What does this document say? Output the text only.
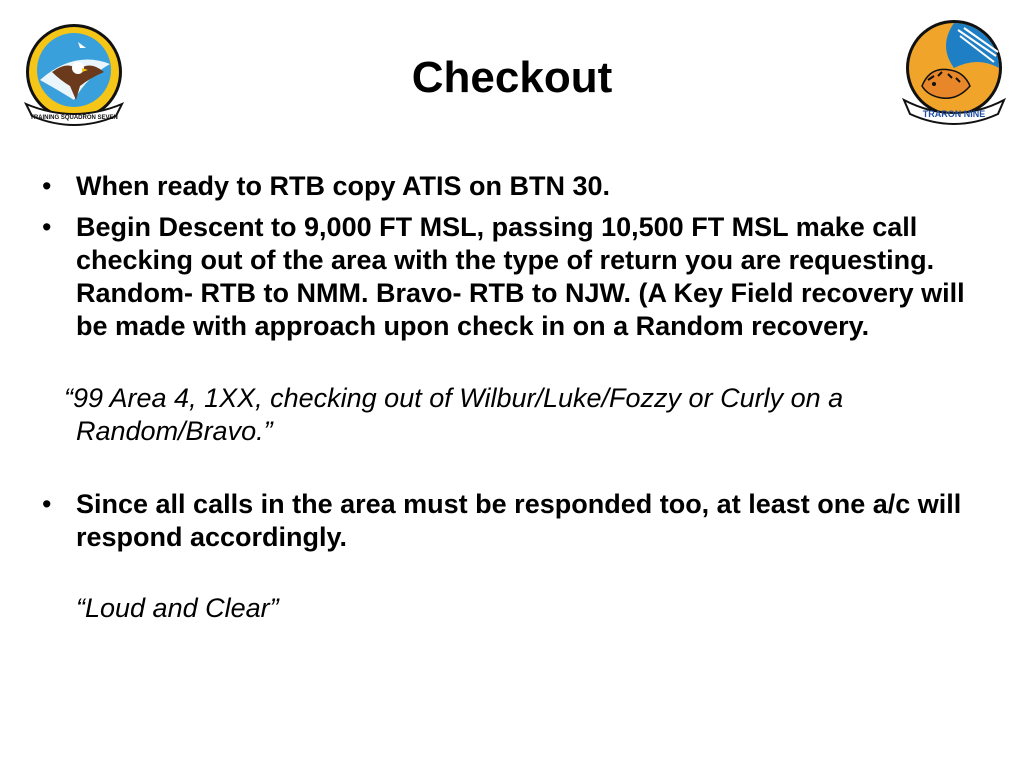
TRAINING SQUADRON SEVEN
Checkout
TRARON NINE
• When ready to RTB copy ATIS on BTN 30.
• Begin Descent to 9,000 FT MSL, passing 10,500 FT MSL make call checking out of the area with the type of return you are requesting. Random- RTB to NMM. Bravo- RTB to NJW. (A Key Field recovery will be made with approach upon check in on a Random recovery.
“99 Area 4, 1XX, checking out of Wilbur/Luke/Fozzy or Curly on a Random/Bravo.”
• Since all calls in the area must be responded too, at least one a/c will respond accordingly.
“Loud and Clear”
